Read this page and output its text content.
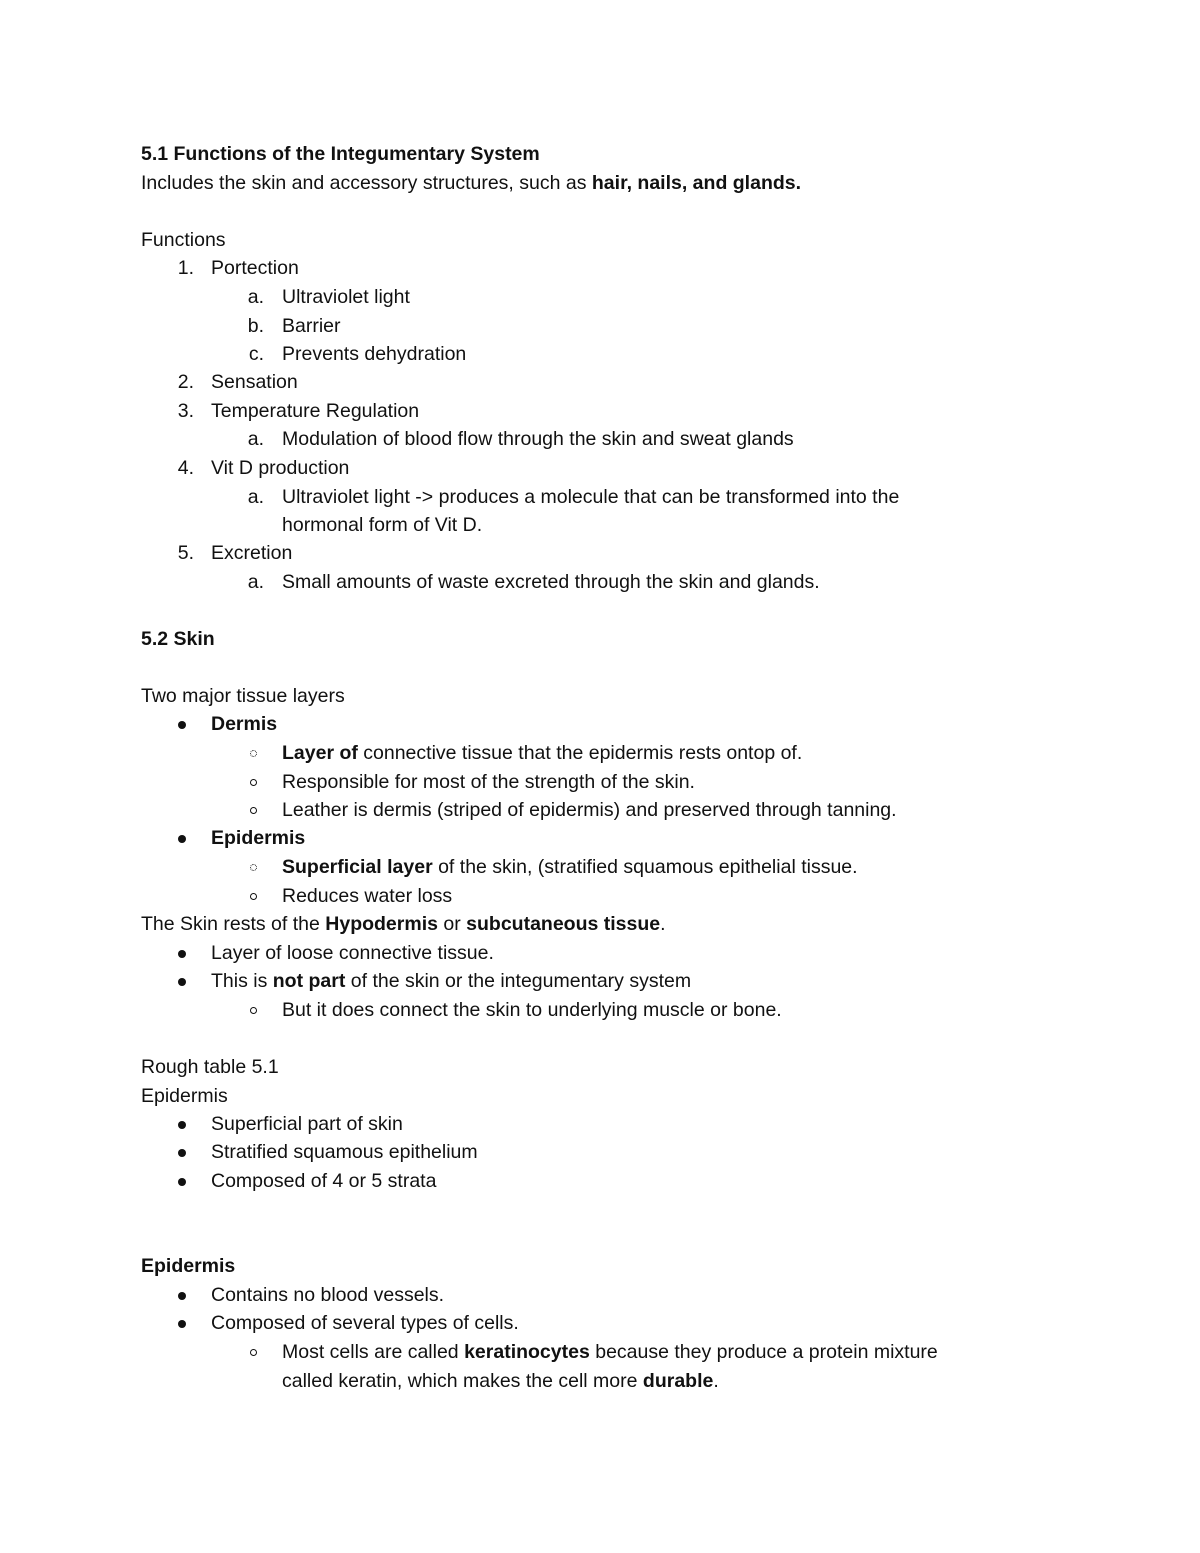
5.1 Functions of the Integumentary System
Includes the skin and accessory structures, such as hair, nails, and glands.
Functions
1. Portection
a. Ultraviolet light
b. Barrier
c. Prevents dehydration
2. Sensation
3. Temperature Regulation
a. Modulation of blood flow through the skin and sweat glands
4. Vit D production
a. Ultraviolet light -> produces a molecule that can be transformed into the
hormonal form of Vit D.
5. Excretion
a. Small amounts of waste excreted through the skin and glands.
5.2 Skin
Two major tissue layers
Dermis
Layer of connective tissue that the epidermis rests ontop of.
Responsible for most of the strength of the skin.
Leather is dermis (striped of epidermis) and preserved through tanning.
Epidermis
Superficial layer of the skin, (stratified squamous epithelial tissue.
Reduces water loss
The Skin rests of the Hypodermis or subcutaneous tissue.
Layer of loose connective tissue.
This is not part of the skin or the integumentary system
But it does connect the skin to underlying muscle or bone.
Rough table 5.1
Epidermis
Superficial part of skin
Stratified squamous epithelium
Composed of 4 or 5 strata
Epidermis
Contains no blood vessels.
Composed of several types of cells.
Most cells are called keratinocytes because they produce a protein mixture
called keratin, which makes the cell more durable.
